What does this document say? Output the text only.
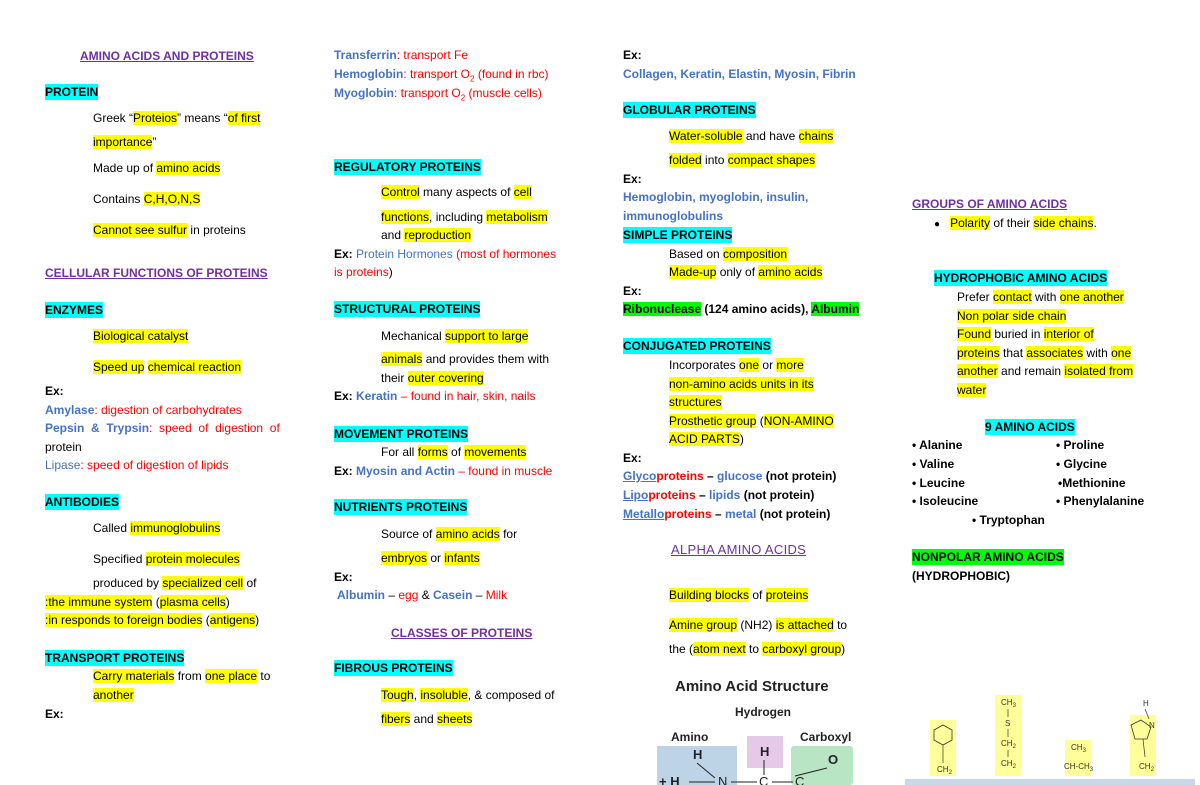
AMINO ACIDS AND PROTEINS
PROTEIN
Greek “Proteios” means “of first
importance”
Made up of amino acids
Contains C,H,O,N,S
Cannot see sulfur in proteins
CELLULAR FUNCTIONS OF PROTEINS
ENZYMES
Biological catalyst
Speed up chemical reaction
Ex:
Amylase: digestion of carbohydrates
Pepsin  &  Trypsin:  speed  of  digestion  of
protein
Lipase: speed of digestion of lipids
ANTIBODIES
Called immunoglobulins
Specified protein molecules
produced by specialized cell of
:the immune system (plasma cells)
:in responds to foreign bodies (antigens)
TRANSPORT PROTEINS
Carry materials from one place to
another
Ex:
Transferrin: transport Fe
Hemoglobin: transport $O_2$ (found in rbc)
Myoglobin: transport $O_2$ (muscle cells)
REGULATORY PROTEINS
Control many aspects of cell
functions, including metabolism
and reproduction
Ex: Protein Hormones (most of hormones
is proteins)
STRUCTURAL PROTEINS
Mechanical support to large
animals and provides them with
their outer covering
Ex: Keratin – found in hair, skin, nails
MOVEMENT PROTEINS
For all forms of movements
Ex: Myosin and Actin – found in muscle
NUTRIENTS PROTEINS
Source of amino acids for
embryos or infants
Ex:
Albumin – egg & Casein – Milk
CLASSES OF PROTEINS
FIBROUS PROTEINS
Tough, insoluble, & composed of
fibers and sheets
Ex:
Collagen, Keratin, Elastin, Myosin, Fibrin
GLOBULAR PROTEINS
Water-soluble and have chains
folded into compact shapes
Ex:
Hemoglobin, myoglobin, insulin,
immunoglobulins
SIMPLE PROTEINS
Based on composition
Made-up only of amino acids
Ex:
Ribonuclease (124 amino acids), Albumin
CONJUGATED PROTEINS
Incorporates one or more
non-amino acids units in its
structures
Prosthetic group (NON-AMINO
ACID PARTS)
Ex:
Glycoproteins – glucose (not protein)
Lipoproteins – lipids (not protein)
Metalloproteins – metal (not protein)
ALPHA AMINO ACIDS
Building blocks of proteins
Amine group (NH2) is attached to
the (atom next to carboxyl group)
Amino Acid Structure
Hydrogen
Amino	Carboxyl
H	H
O
+ H	N C C
GROUPS OF AMINO ACIDS
● Polarity of their side chains.
HYDROPHOBIC AMINO ACIDS
Prefer contact with one another
Non polar side chain
Found buried in interior of
proteins that associates with one
another and remain isolated from
water
9 AMINO ACIDS
• Alanine
• Valine
• Leucine
• Isoleucine
• Proline
• Glycine
•Methionine
• Phenylalanine
• Tryptophan
NONPOLAR AMINO ACIDS
(HYDROPHOBIC)
$CH_2$
$CH_3$
S
$CH_2$
$CH_2$
$CH_3$
$CH-CH_3$
H
N
$CH_2$
